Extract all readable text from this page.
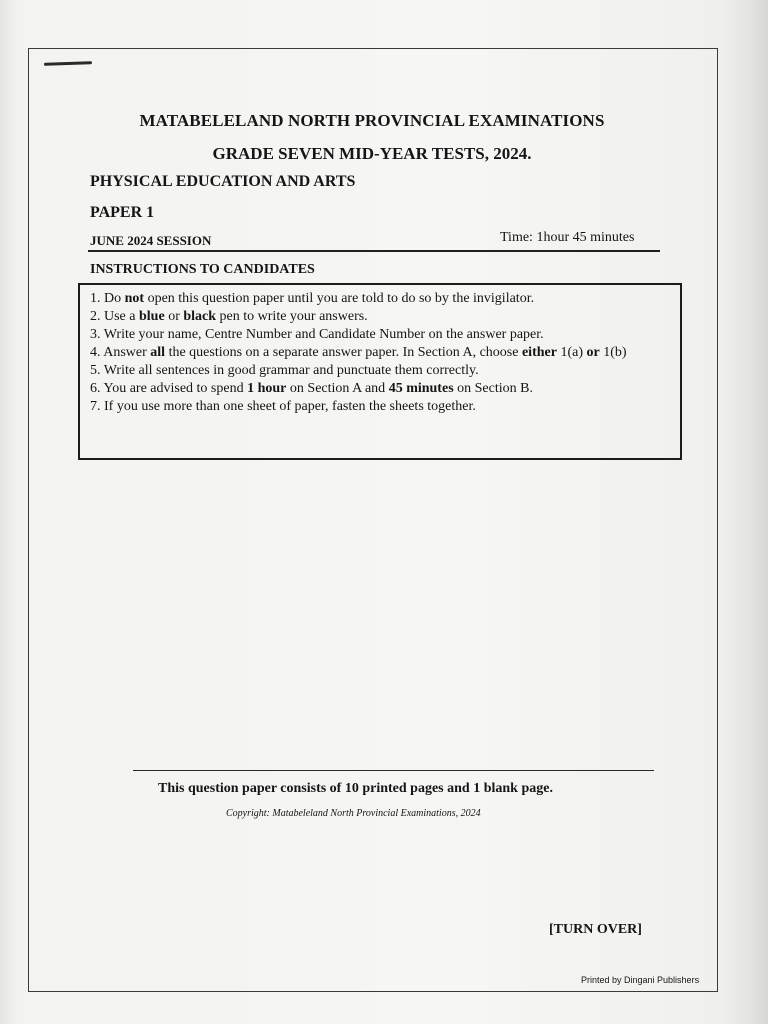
MATABELELAND NORTH PROVINCIAL EXAMINATIONS
GRADE SEVEN MID-YEAR TESTS, 2024.
PHYSICAL EDUCATION AND ARTS
PAPER 1
JUNE 2024 SESSION	Time: 1hour 45 minutes
INSTRUCTIONS TO CANDIDATES
1. Do not open this question paper until you are told to do so by the invigilator.
2. Use a blue or black pen to write your answers.
3. Write your name, Centre Number and Candidate Number on the answer paper.
4. Answer all the questions on a separate answer paper. In Section A, choose either 1(a) or 1(b)
5. Write all sentences in good grammar and punctuate them correctly.
6. You are advised to spend 1 hour on Section A and 45 minutes on Section B.
7. If you use more than one sheet of paper, fasten the sheets together.
This question paper consists of 10 printed pages and 1 blank page.
Copyright: Matabeleland North Provincial Examinations, 2024
[TURN OVER]
Printed by Dingani Publishers
